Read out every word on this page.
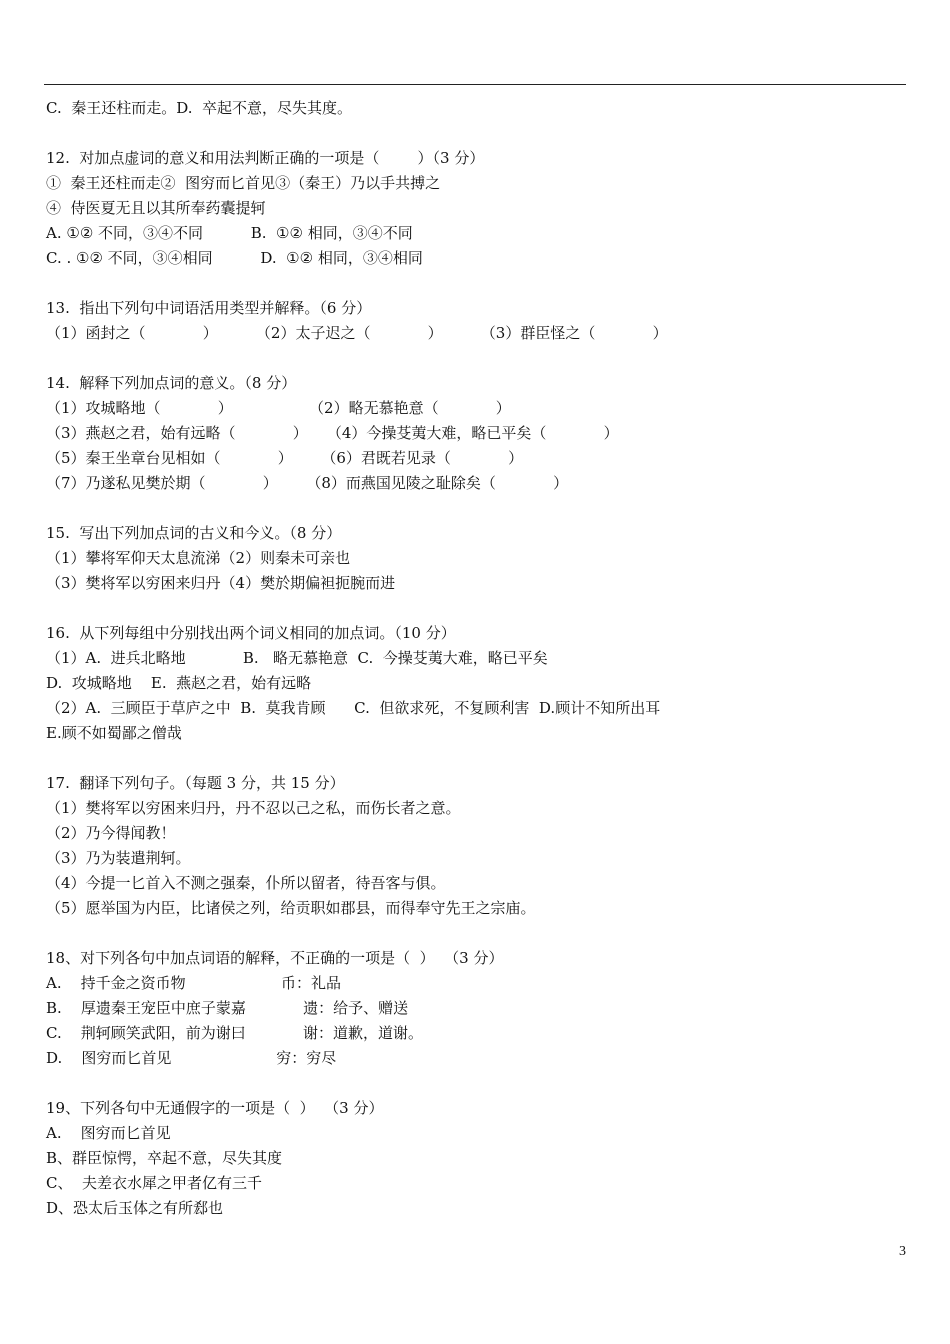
C.  秦王还柱而走。D.  卒起不意，尽失其度。
12.  对加点虚词的意义和用法判断正确的一项是（        ）（3 分）
①  秦王还柱而走②  图穷而匕首见③（秦王）乃以手共搏之
④  侍医夏无且以其所奉药囊提轲
A. ①② 不同，③④不同          B.  ①② 相同，③④不同
C. . ①② 不同，③④相同          D.  ①② 相同，③④相同
13.  指出下列句中词语活用类型并解释。（6 分）
（1）函封之（            ）        （2）太子迟之（            ）        （3）群臣怪之（            ）
14.  解释下列加点词的意义。（8 分）
（1）攻城略地（            ）                （2）略无慕艳意（            ）
（3）燕赵之君，始有远略（            ）    （4）今操芟荑大难，略已平矣（            ）
（5）秦王坐章台见相如（            ）      （6）君既若见录（            ）
（7）乃遂私见樊於期（            ）      （8）而燕国见陵之耻除矣（            ）
15.  写出下列加点词的古义和今义。（8 分）
（1）攀将军仰天太息流涕（2）则秦未可亲也
（3）樊将军以穷困来归丹（4）樊於期偏袒扼腕而进
16.  从下列每组中分别找出两个词义相同的加点词。（10 分）
（1）A.  进兵北略地            B.   略无慕艳意  C.  今操芟荑大难，略已平矣
D.  攻城略地    E.  燕赵之君，始有远略
（2）A.  三顾臣于草庐之中  B.  莫我肯顾      C.  但欲求死，不复顾利害  D.顾计不知所出耳
E.顾不如蜀鄙之僧哉
17.  翻译下列句子。（每题 3 分，共 15 分）
（1）樊将军以穷困来归丹，丹不忍以己之私，而伤长者之意。
（2）乃今得闻教！
（3）乃为装遣荆轲。
（4）今提一匕首入不测之强秦，仆所以留者，待吾客与俱。
（5）愿举国为内臣，比诸侯之列，给贡职如郡县，而得奉守先王之宗庙。
18、对下列各句中加点词语的解释，不正确的一项是（  ）  （3 分）
A.    持千金之资币物                    币：礼品
B.    厚遗秦王宠臣中庶子蒙嘉            遗：给予、赠送
C.    荆轲顾笑武阳，前为谢曰            谢：道歉，道谢。
D.    图穷而匕首见                      穷：穷尽
19、下列各句中无通假字的一项是（  ）  （3 分）
A.    图穷而匕首见
B、群臣惊愕，卒起不意，尽失其度
C、  夫差衣水犀之甲者亿有三千
D、恐太后玉体之有所郄也
3
